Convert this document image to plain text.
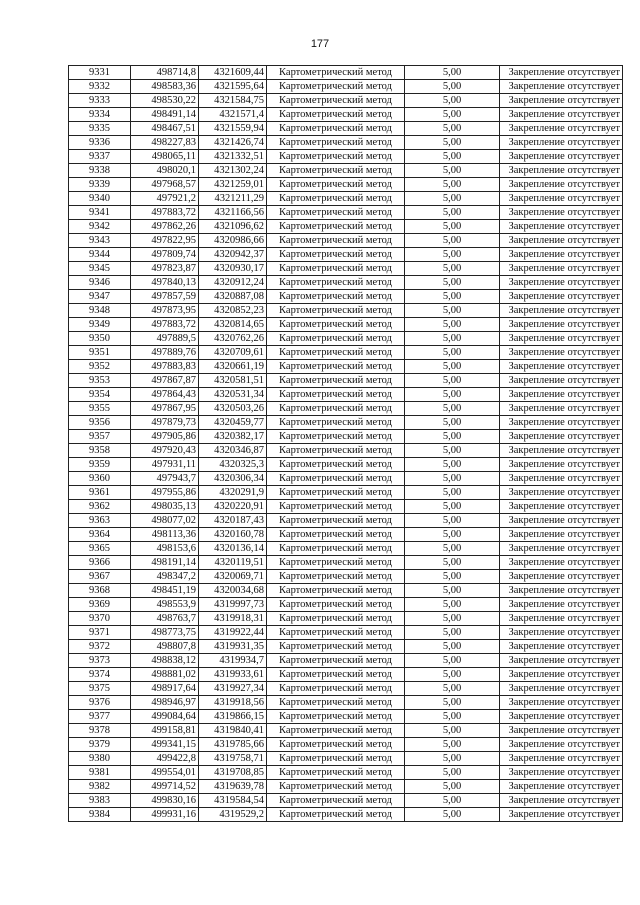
177
9331	498714,8	4321609,44	Картометрический метод	5,00	Закрепление отсутствует
9332	498583,36	4321595,64	Картометрический метод	5,00	Закрепление отсутствует
9333	498530,22	4321584,75	Картометрический метод	5,00	Закрепление отсутствует
9334	498491,14	4321571,4	Картометрический метод	5,00	Закрепление отсутствует
9335	498467,51	4321559,94	Картометрический метод	5,00	Закрепление отсутствует
9336	498227,83	4321426,74	Картометрический метод	5,00	Закрепление отсутствует
9337	498065,11	4321332,51	Картометрический метод	5,00	Закрепление отсутствует
9338	498020,1	4321302,24	Картометрический метод	5,00	Закрепление отсутствует
9339	497968,57	4321259,01	Картометрический метод	5,00	Закрепление отсутствует
9340	497921,2	4321211,29	Картометрический метод	5,00	Закрепление отсутствует
9341	497883,72	4321166,56	Картометрический метод	5,00	Закрепление отсутствует
9342	497862,26	4321096,62	Картометрический метод	5,00	Закрепление отсутствует
9343	497822,95	4320986,66	Картометрический метод	5,00	Закрепление отсутствует
9344	497809,74	4320942,37	Картометрический метод	5,00	Закрепление отсутствует
9345	497823,87	4320930,17	Картометрический метод	5,00	Закрепление отсутствует
9346	497840,13	4320912,24	Картометрический метод	5,00	Закрепление отсутствует
9347	497857,59	4320887,08	Картометрический метод	5,00	Закрепление отсутствует
9348	497873,95	4320852,23	Картометрический метод	5,00	Закрепление отсутствует
9349	497883,72	4320814,65	Картометрический метод	5,00	Закрепление отсутствует
9350	497889,5	4320762,26	Картометрический метод	5,00	Закрепление отсутствует
9351	497889,76	4320709,61	Картометрический метод	5,00	Закрепление отсутствует
9352	497883,83	4320661,19	Картометрический метод	5,00	Закрепление отсутствует
9353	497867,87	4320581,51	Картометрический метод	5,00	Закрепление отсутствует
9354	497864,43	4320531,34	Картометрический метод	5,00	Закрепление отсутствует
9355	497867,95	4320503,26	Картометрический метод	5,00	Закрепление отсутствует
9356	497879,73	4320459,77	Картометрический метод	5,00	Закрепление отсутствует
9357	497905,86	4320382,17	Картометрический метод	5,00	Закрепление отсутствует
9358	497920,43	4320346,87	Картометрический метод	5,00	Закрепление отсутствует
9359	497931,11	4320325,3	Картометрический метод	5,00	Закрепление отсутствует
9360	497943,7	4320306,34	Картометрический метод	5,00	Закрепление отсутствует
9361	497955,86	4320291,9	Картометрический метод	5,00	Закрепление отсутствует
9362	498035,13	4320220,91	Картометрический метод	5,00	Закрепление отсутствует
9363	498077,02	4320187,43	Картометрический метод	5,00	Закрепление отсутствует
9364	498113,36	4320160,78	Картометрический метод	5,00	Закрепление отсутствует
9365	498153,6	4320136,14	Картометрический метод	5,00	Закрепление отсутствует
9366	498191,14	4320119,51	Картометрический метод	5,00	Закрепление отсутствует
9367	498347,2	4320069,71	Картометрический метод	5,00	Закрепление отсутствует
9368	498451,19	4320034,68	Картометрический метод	5,00	Закрепление отсутствует
9369	498553,9	4319997,73	Картометрический метод	5,00	Закрепление отсутствует
9370	498763,7	4319918,31	Картометрический метод	5,00	Закрепление отсутствует
9371	498773,75	4319922,44	Картометрический метод	5,00	Закрепление отсутствует
9372	498807,8	4319931,35	Картометрический метод	5,00	Закрепление отсутствует
9373	498838,12	4319934,7	Картометрический метод	5,00	Закрепление отсутствует
9374	498881,02	4319933,61	Картометрический метод	5,00	Закрепление отсутствует
9375	498917,64	4319927,34	Картометрический метод	5,00	Закрепление отсутствует
9376	498946,97	4319918,56	Картометрический метод	5,00	Закрепление отсутствует
9377	499084,64	4319866,15	Картометрический метод	5,00	Закрепление отсутствует
9378	499158,81	4319840,41	Картометрический метод	5,00	Закрепление отсутствует
9379	499341,15	4319785,66	Картометрический метод	5,00	Закрепление отсутствует
9380	499422,8	4319758,71	Картометрический метод	5,00	Закрепление отсутствует
9381	499554,01	4319708,85	Картометрический метод	5,00	Закрепление отсутствует
9382	499714,52	4319639,78	Картометрический метод	5,00	Закрепление отсутствует
9383	499830,16	4319584,54	Картометрический метод	5,00	Закрепление отсутствует
9384	499931,16	4319529,2	Картометрический метод	5,00	Закрепление отсутствует
